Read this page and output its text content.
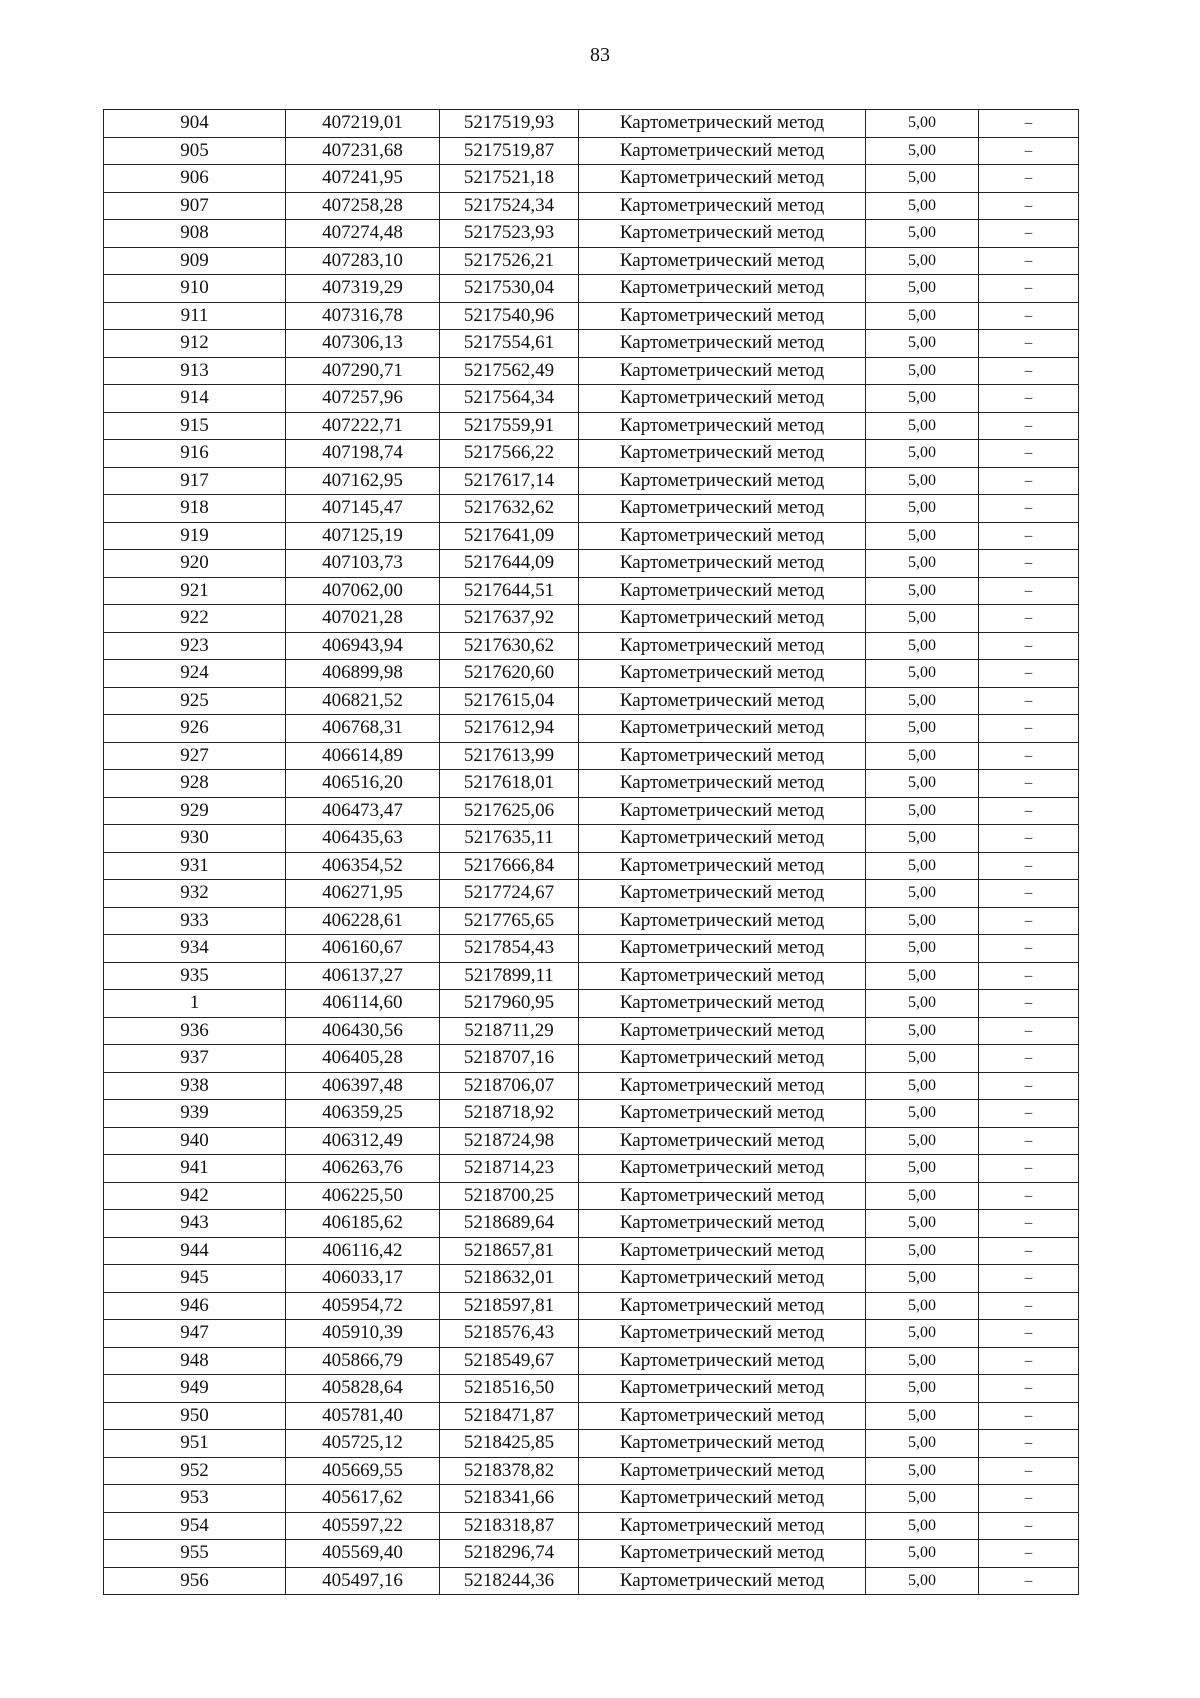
83
904	407219,01	5217519,93	Картометрический метод	5,00	–
905	407231,68	5217519,87	Картометрический метод	5,00	–
906	407241,95	5217521,18	Картометрический метод	5,00	–
907	407258,28	5217524,34	Картометрический метод	5,00	–
908	407274,48	5217523,93	Картометрический метод	5,00	–
909	407283,10	5217526,21	Картометрический метод	5,00	–
910	407319,29	5217530,04	Картометрический метод	5,00	–
911	407316,78	5217540,96	Картометрический метод	5,00	–
912	407306,13	5217554,61	Картометрический метод	5,00	–
913	407290,71	5217562,49	Картометрический метод	5,00	–
914	407257,96	5217564,34	Картометрический метод	5,00	–
915	407222,71	5217559,91	Картометрический метод	5,00	–
916	407198,74	5217566,22	Картометрический метод	5,00	–
917	407162,95	5217617,14	Картометрический метод	5,00	–
918	407145,47	5217632,62	Картометрический метод	5,00	–
919	407125,19	5217641,09	Картометрический метод	5,00	–
920	407103,73	5217644,09	Картометрический метод	5,00	–
921	407062,00	5217644,51	Картометрический метод	5,00	–
922	407021,28	5217637,92	Картометрический метод	5,00	–
923	406943,94	5217630,62	Картометрический метод	5,00	–
924	406899,98	5217620,60	Картометрический метод	5,00	–
925	406821,52	5217615,04	Картометрический метод	5,00	–
926	406768,31	5217612,94	Картометрический метод	5,00	–
927	406614,89	5217613,99	Картометрический метод	5,00	–
928	406516,20	5217618,01	Картометрический метод	5,00	–
929	406473,47	5217625,06	Картометрический метод	5,00	–
930	406435,63	5217635,11	Картометрический метод	5,00	–
931	406354,52	5217666,84	Картометрический метод	5,00	–
932	406271,95	5217724,67	Картометрический метод	5,00	–
933	406228,61	5217765,65	Картометрический метод	5,00	–
934	406160,67	5217854,43	Картометрический метод	5,00	–
935	406137,27	5217899,11	Картометрический метод	5,00	–
1	406114,60	5217960,95	Картометрический метод	5,00	–
936	406430,56	5218711,29	Картометрический метод	5,00	–
937	406405,28	5218707,16	Картометрический метод	5,00	–
938	406397,48	5218706,07	Картометрический метод	5,00	–
939	406359,25	5218718,92	Картометрический метод	5,00	–
940	406312,49	5218724,98	Картометрический метод	5,00	–
941	406263,76	5218714,23	Картометрический метод	5,00	–
942	406225,50	5218700,25	Картометрический метод	5,00	–
943	406185,62	5218689,64	Картометрический метод	5,00	–
944	406116,42	5218657,81	Картометрический метод	5,00	–
945	406033,17	5218632,01	Картометрический метод	5,00	–
946	405954,72	5218597,81	Картометрический метод	5,00	–
947	405910,39	5218576,43	Картометрический метод	5,00	–
948	405866,79	5218549,67	Картометрический метод	5,00	–
949	405828,64	5218516,50	Картометрический метод	5,00	–
950	405781,40	5218471,87	Картометрический метод	5,00	–
951	405725,12	5218425,85	Картометрический метод	5,00	–
952	405669,55	5218378,82	Картометрический метод	5,00	–
953	405617,62	5218341,66	Картометрический метод	5,00	–
954	405597,22	5218318,87	Картометрический метод	5,00	–
955	405569,40	5218296,74	Картометрический метод	5,00	–
956	405497,16	5218244,36	Картометрический метод	5,00	–
